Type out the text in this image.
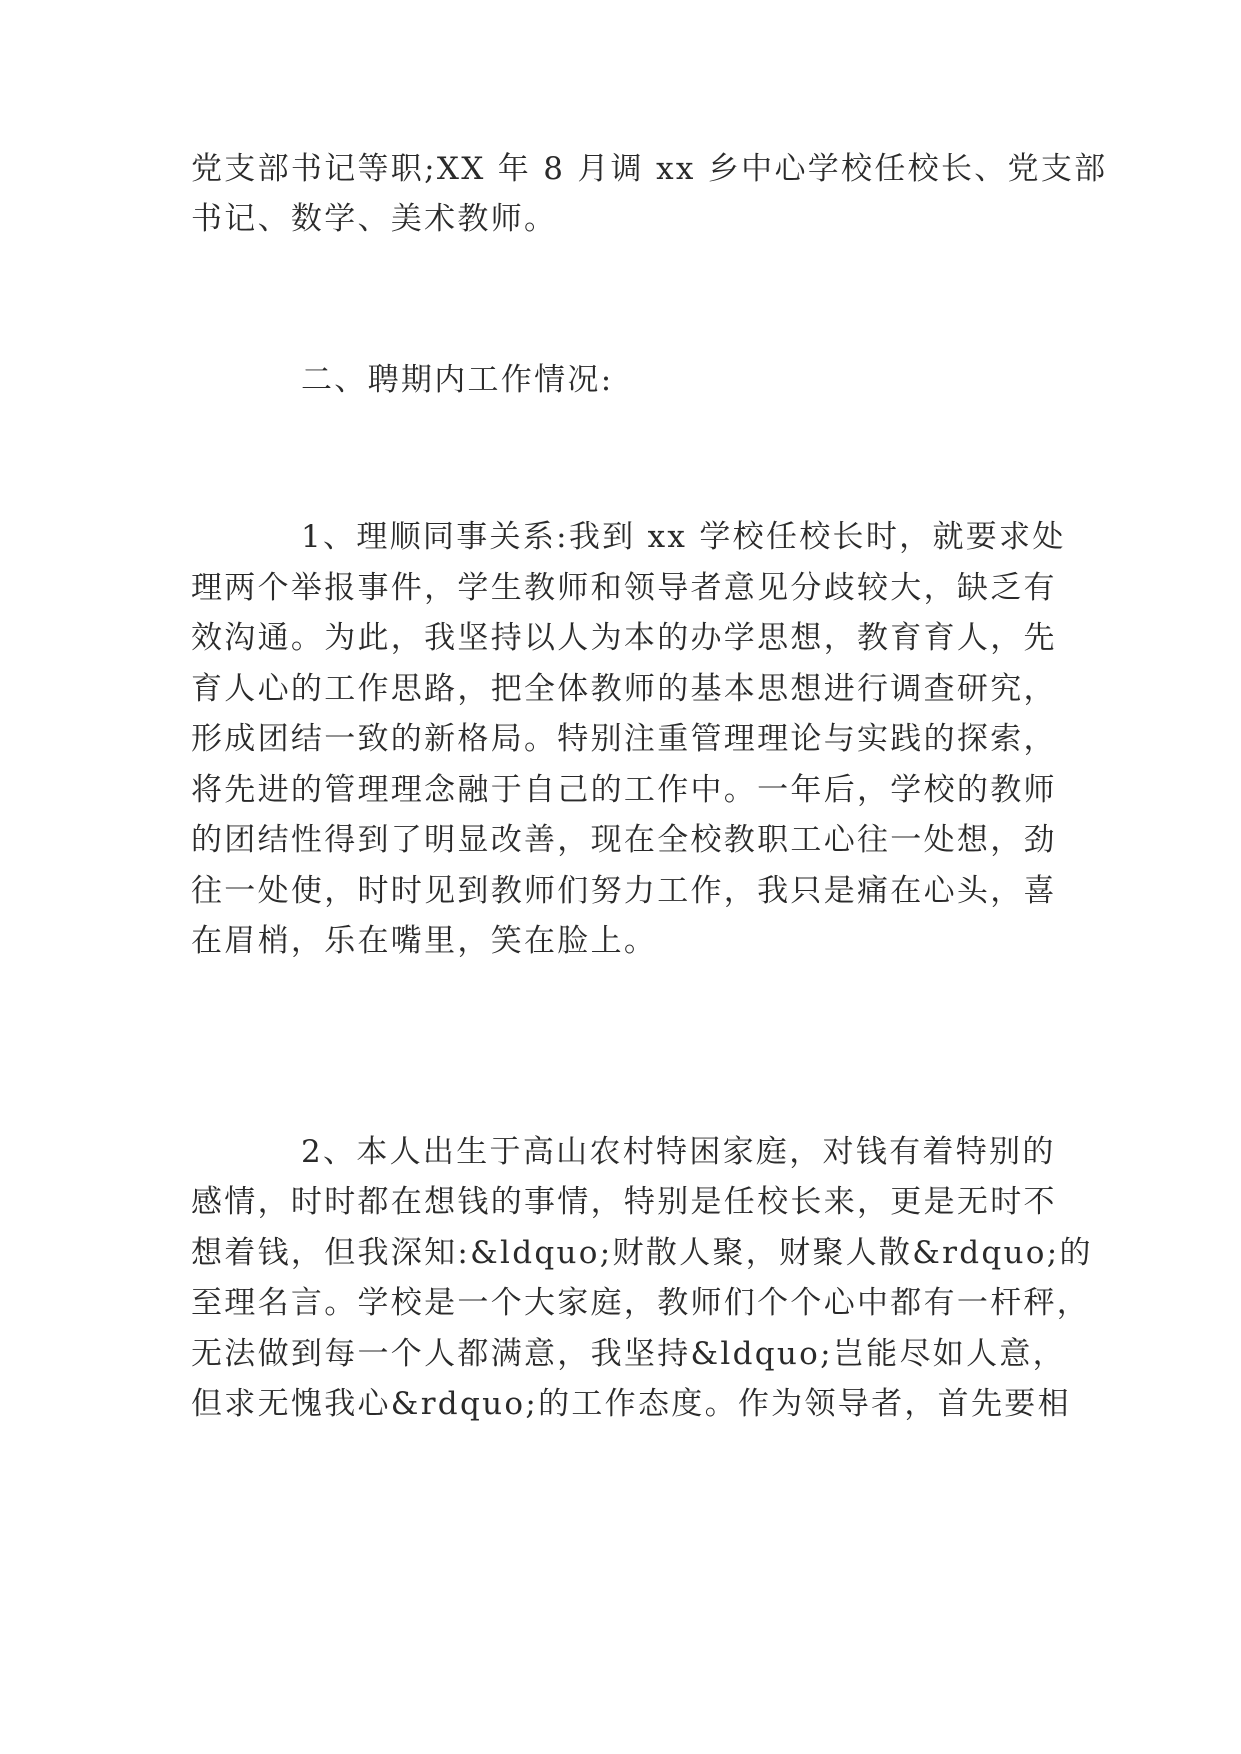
党支部书记等职;XX 年 8 月调 xx 乡中心学校任校长、党支部
书记、数学、美术教师。
二、聘期内工作情况:
1、理顺同事关系:我到 xx 学校任校长时，就要求处
理两个举报事件，学生教师和领导者意见分歧较大，缺乏有
效沟通。为此，我坚持以人为本的办学思想，教育育人，先
育人心的工作思路，把全体教师的基本思想进行调查研究，
形成团结一致的新格局。特别注重管理理论与实践的探索，
将先进的管理理念融于自己的工作中。一年后，学校的教师
的团结性得到了明显改善，现在全校教职工心往一处想，劲
往一处使，时时见到教师们努力工作，我只是痛在心头，喜
在眉梢，乐在嘴里，笑在脸上。
2、本人出生于高山农村特困家庭，对钱有着特别的
感情，时时都在想钱的事情，特别是任校长来，更是无时不
想着钱，但我深知:&ldquo;财散人聚，财聚人散&rdquo;的
至理名言。学校是一个大家庭，教师们个个心中都有一杆秤，
无法做到每一个人都满意，我坚持&ldquo;岂能尽如人意，
但求无愧我心&rdquo;的工作态度。作为领导者，首先要相
